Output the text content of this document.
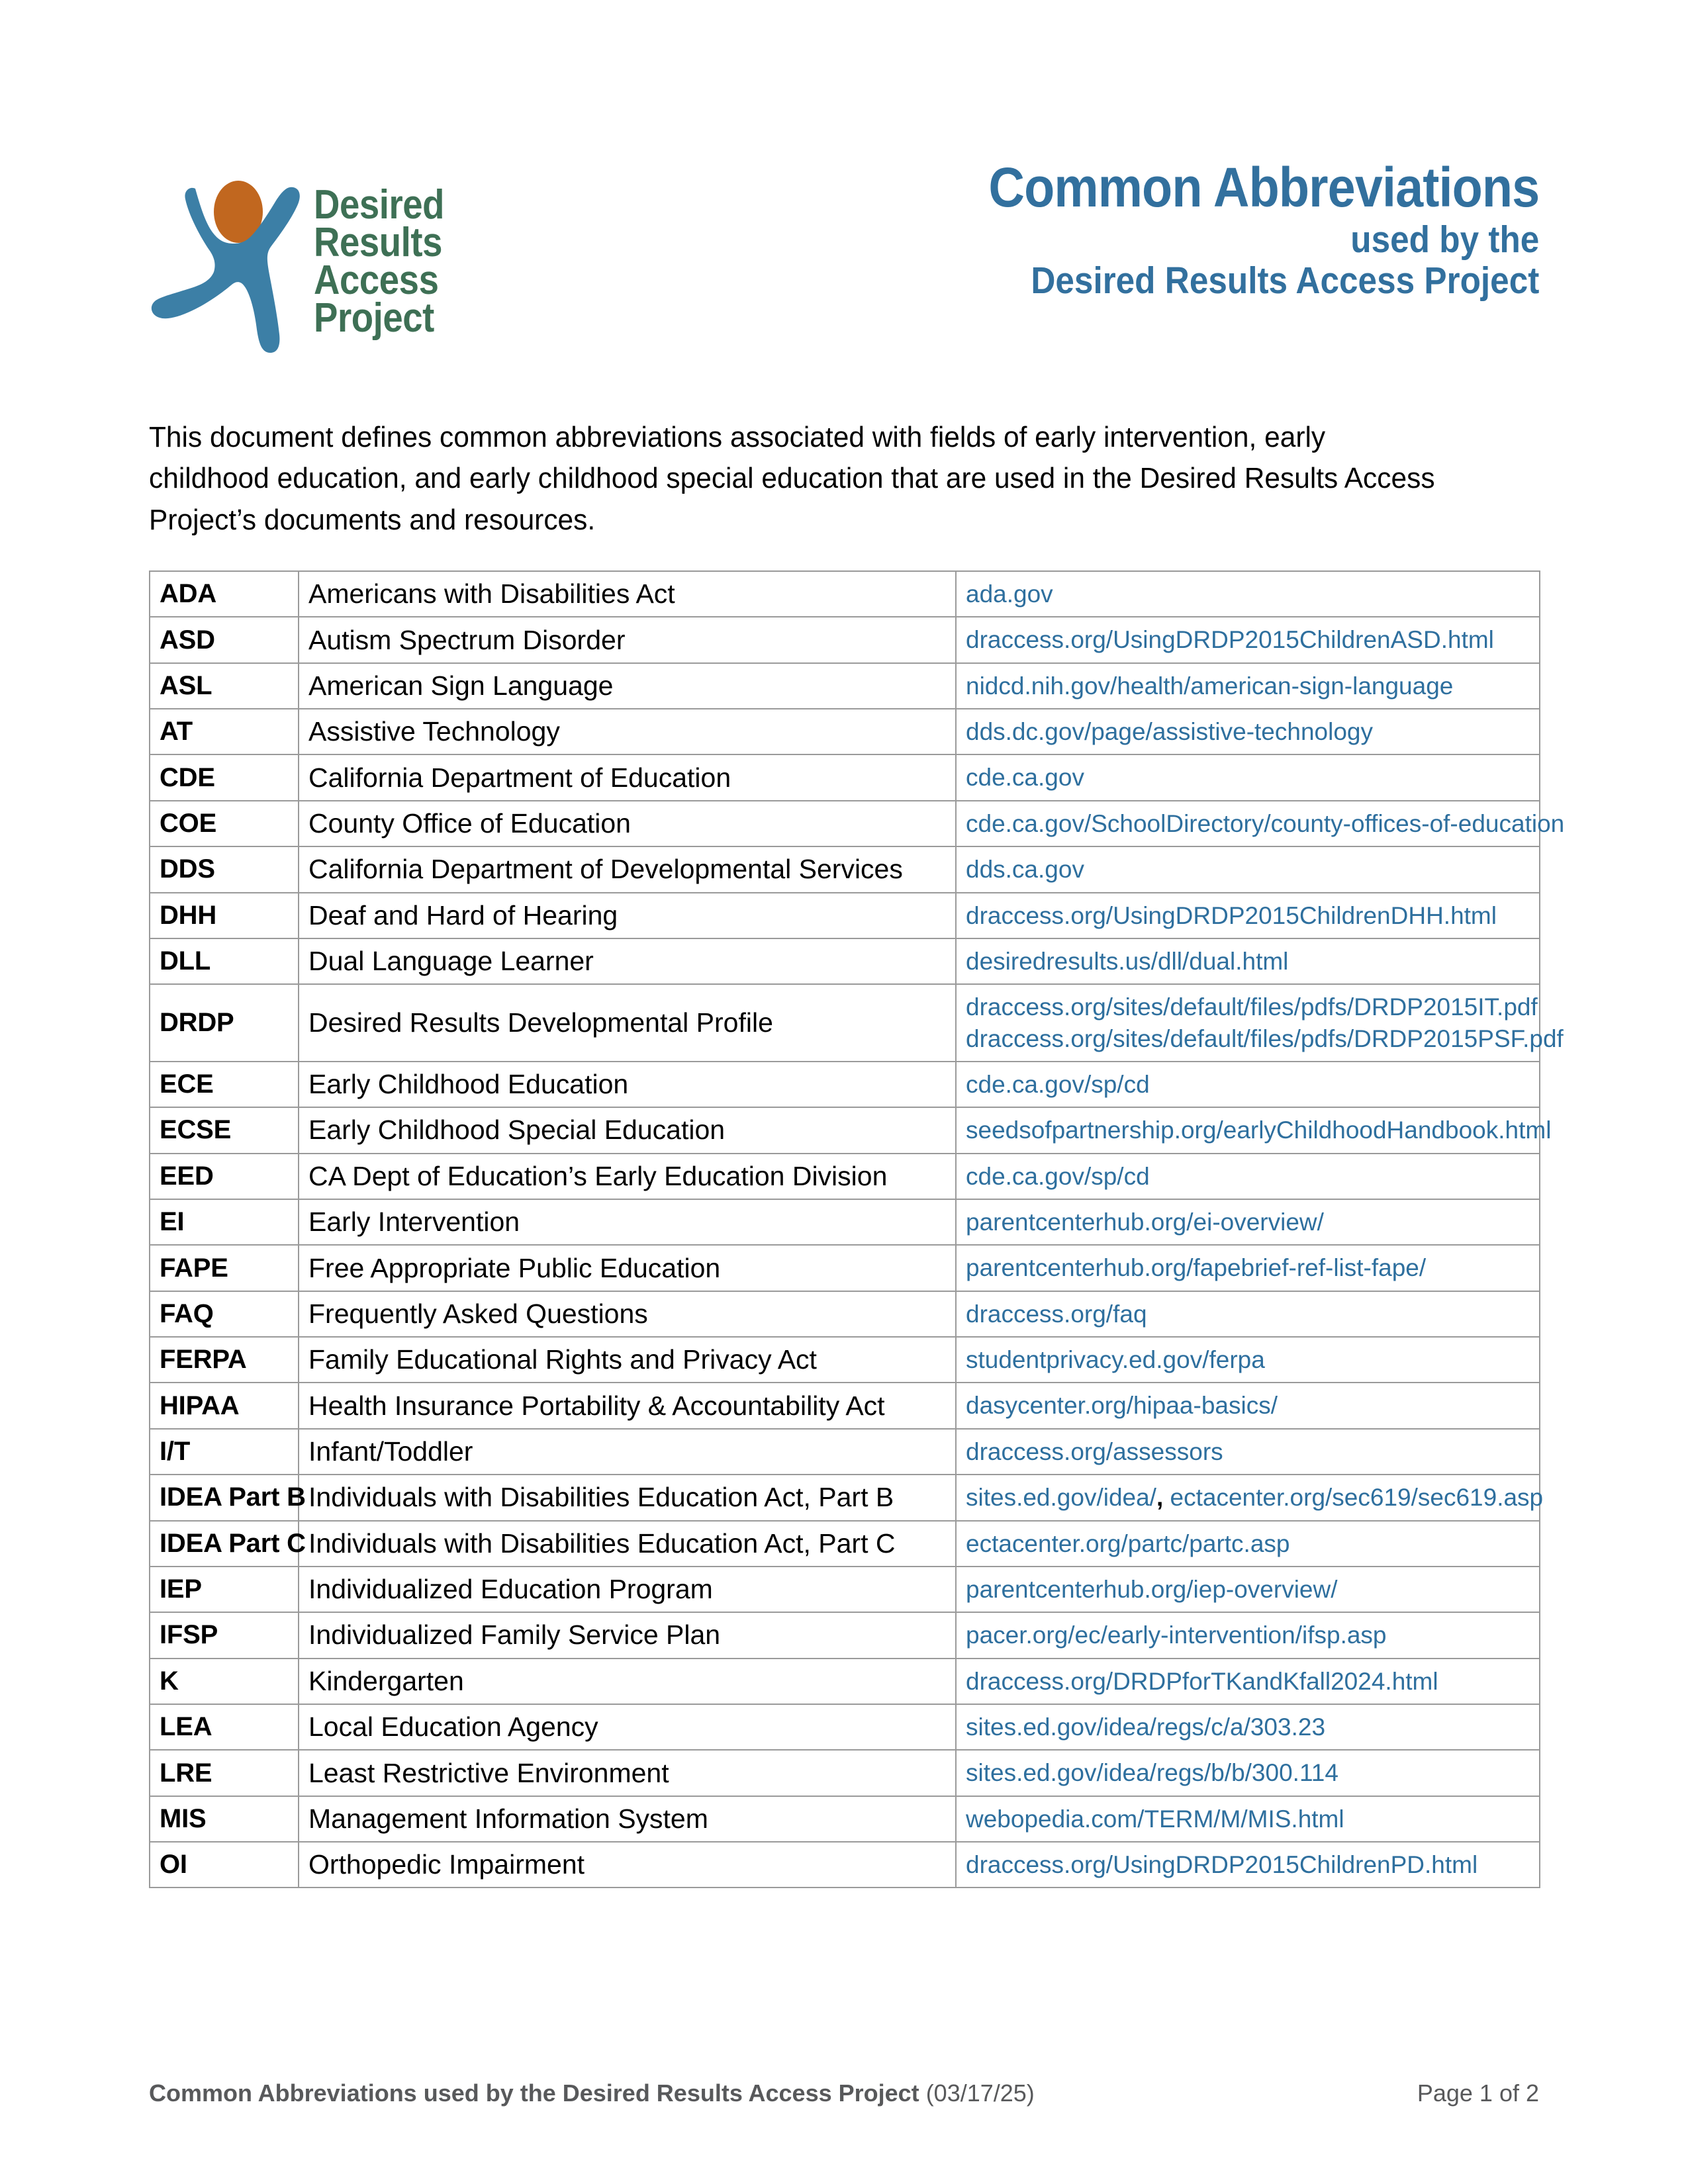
Desired
Results
Access
Project
Common Abbreviations
used by the
Desired Results Access Project
This document defines common abbreviations associated with fields of early intervention, early childhood education, and early childhood special education that are used in the Desired Results Access Project’s documents and resources.
ADA	Americans with Disabilities Act	ada.gov
ASD	Autism Spectrum Disorder	draccess.org/UsingDRDP2015ChildrenASD.html
ASL	American Sign Language	nidcd.nih.gov/health/american-sign-language
AT	Assistive Technology	dds.dc.gov/page/assistive-technology
CDE	California Department of Education	cde.ca.gov
COE	County Office of Education	cde.ca.gov/SchoolDirectory/county-offices-of-education
DDS	California Department of Developmental Services	dds.ca.gov
DHH	Deaf and Hard of Hearing	draccess.org/UsingDRDP2015ChildrenDHH.html
DLL	Dual Language Learner	desiredresults.us/dll/dual.html
DRDP	Desired Results Developmental Profile	draccess.org/sites/default/files/pdfs/DRDP2015IT.pdf
draccess.org/sites/default/files/pdfs/DRDP2015PSF.pdf

ECE	Early Childhood Education	cde.ca.gov/sp/cd
ECSE	Early Childhood Special Education	seedsofpartnership.org/earlyChildhoodHandbook.html
EED	CA Dept of Education’s Early Education Division	cde.ca.gov/sp/cd
EI	Early Intervention	parentcenterhub.org/ei-overview/
FAPE	Free Appropriate Public Education	parentcenterhub.org/fapebrief-ref-list-fape/
FAQ	Frequently Asked Questions	draccess.org/faq
FERPA	Family Educational Rights and Privacy Act	studentprivacy.ed.gov/ferpa
HIPAA	Health Insurance Portability & Accountability Act	dasycenter.org/hipaa-basics/
I/T	Infant/Toddler	draccess.org/assessors
IDEA Part B	Individuals with Disabilities Education Act, Part B	sites.ed.gov/idea/, ectacenter.org/sec619/sec619.asp
IDEA Part C	Individuals with Disabilities Education Act, Part C	ectacenter.org/partc/partc.asp
IEP	Individualized Education Program	parentcenterhub.org/iep-overview/
IFSP	Individualized Family Service Plan	pacer.org/ec/early-intervention/ifsp.asp
K	Kindergarten	draccess.org/DRDPforTKandKfall2024.html
LEA	Local Education Agency	sites.ed.gov/idea/regs/c/a/303.23
LRE	Least Restrictive Environment	sites.ed.gov/idea/regs/b/b/300.114
MIS	Management Information System	webopedia.com/TERM/M/MIS.html
OI	Orthopedic Impairment	draccess.org/UsingDRDP2015ChildrenPD.html
Common Abbreviations used by the Desired Results Access Project (03/17/25)	Page 1 of 2
